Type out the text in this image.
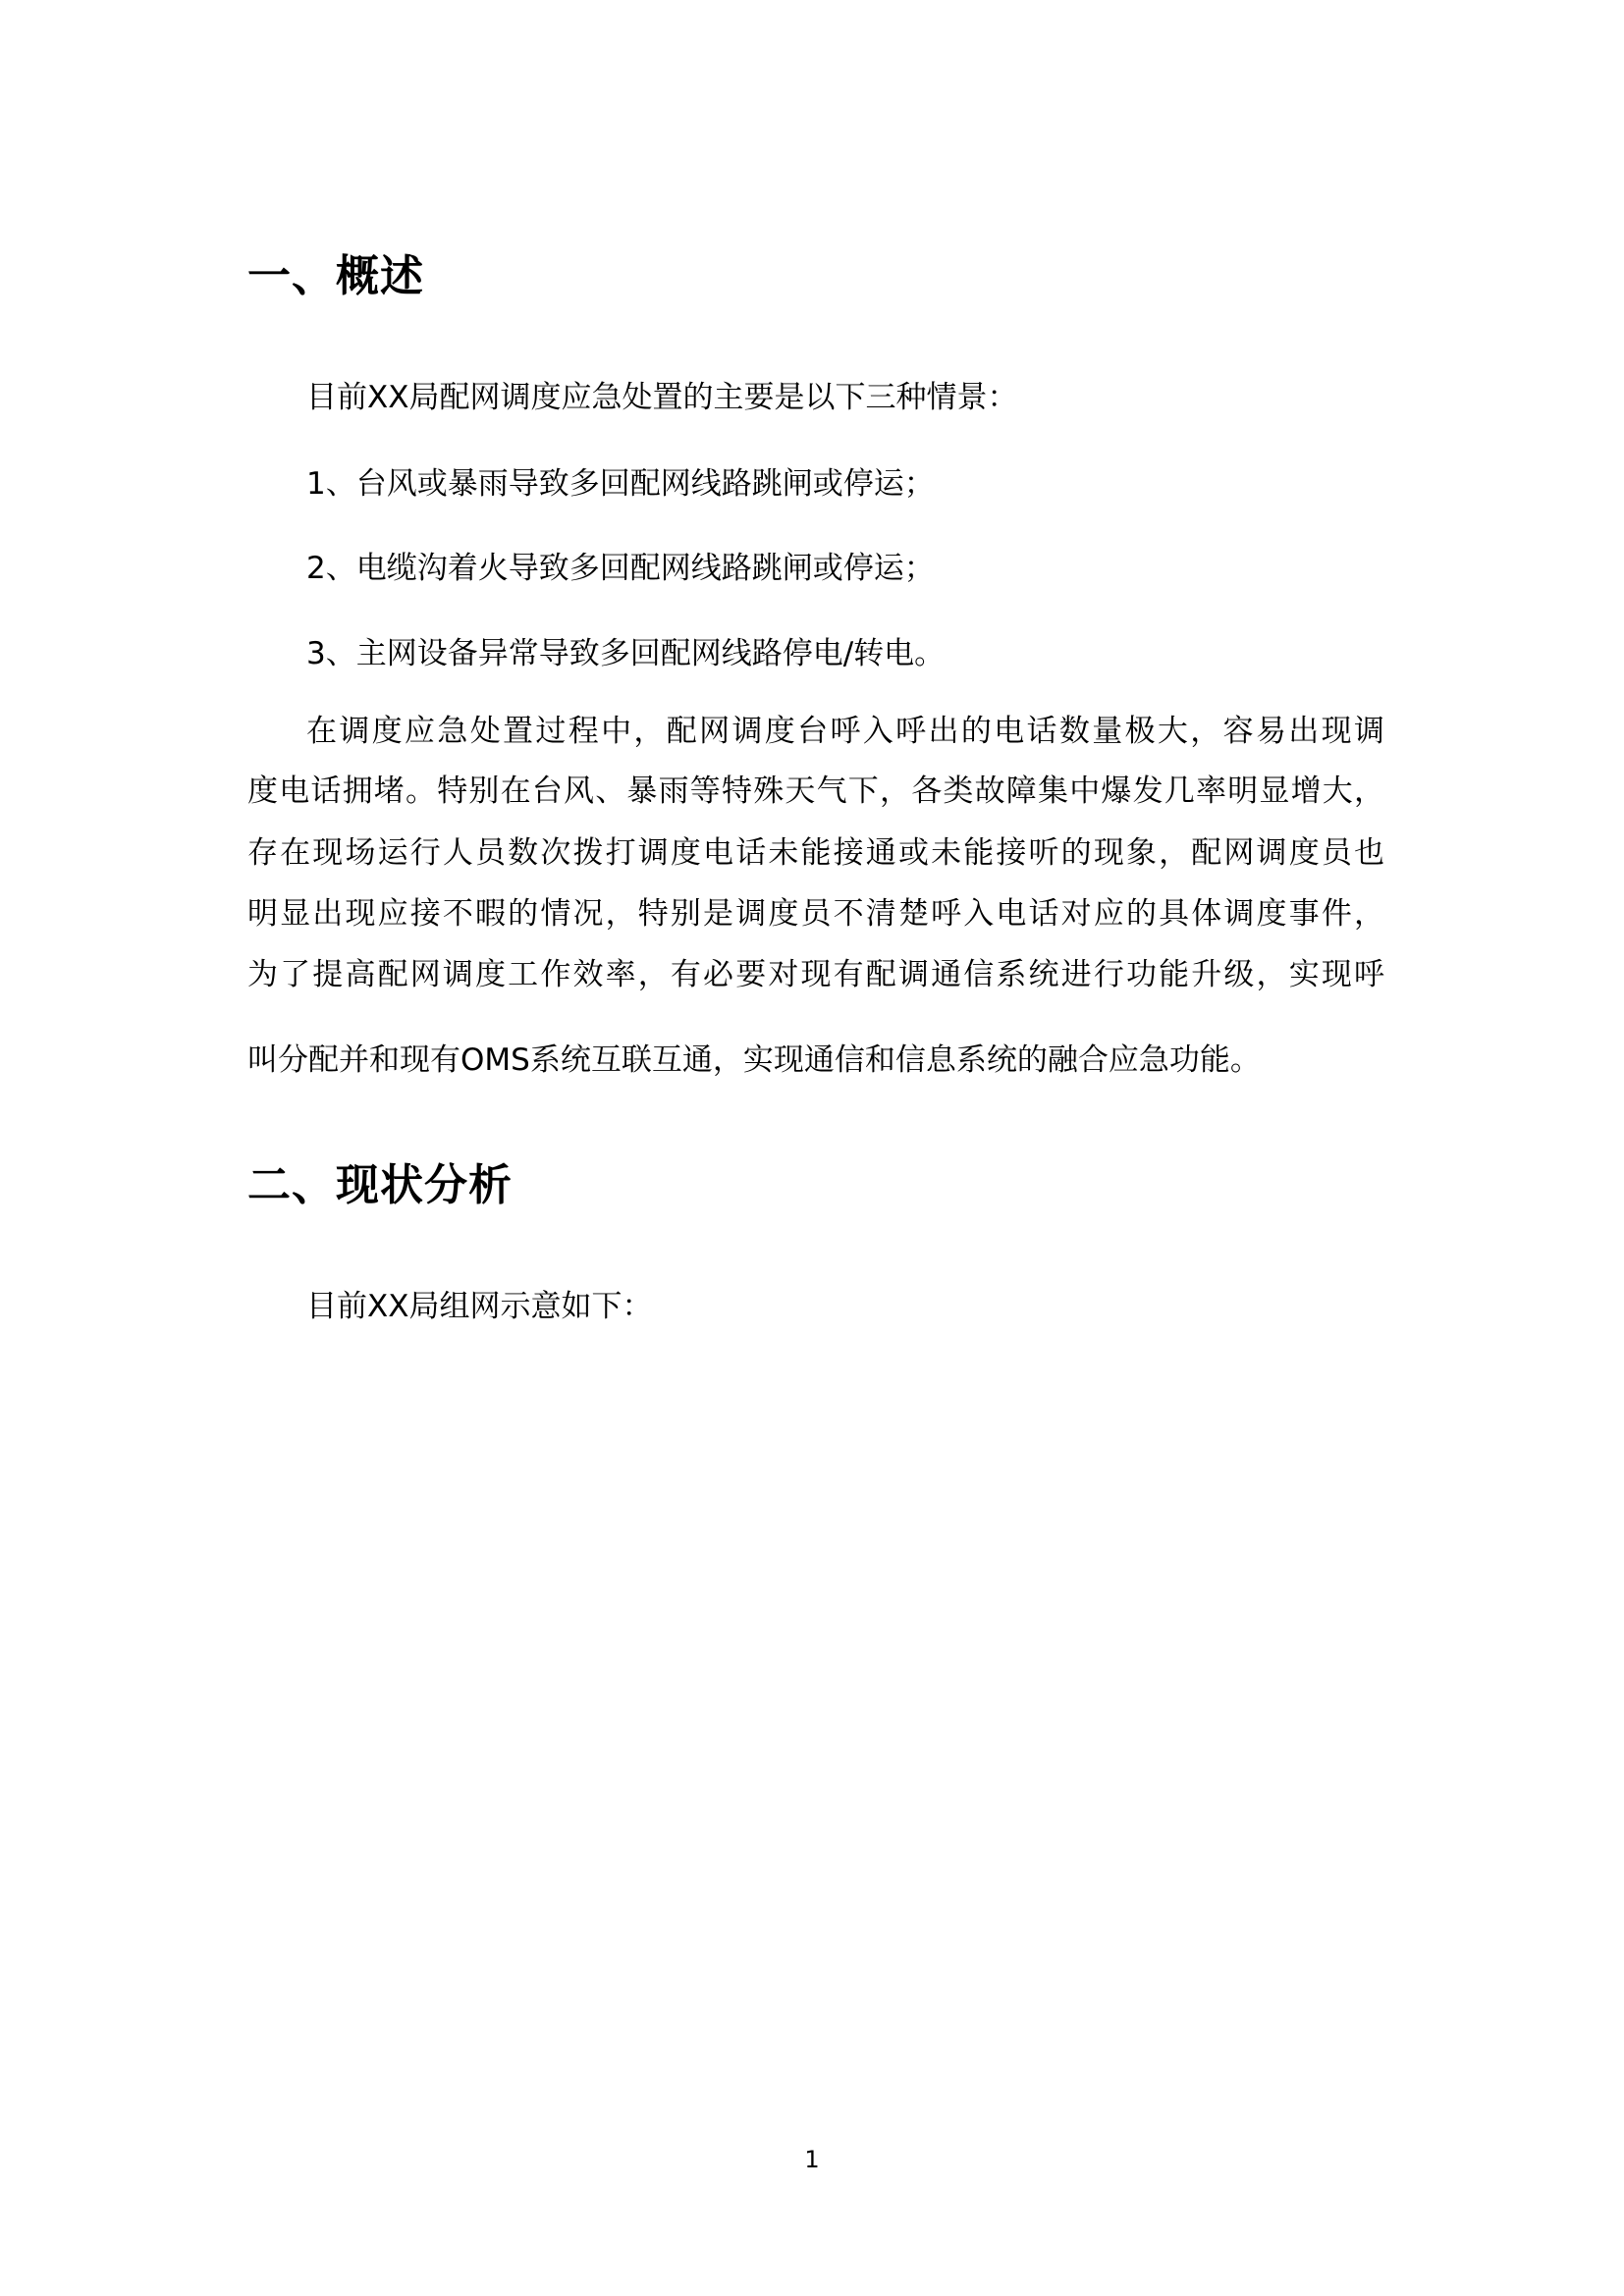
一、概述

目前XX局配网调度应急处置的主要是以下三种情景：

1、台风或暴雨导致多回配网线路跳闸或停运；

2、电缆沟着火导致多回配网线路跳闸或停运；

3、主网设备异常导致多回配网线路停电/转电。

在调度应急处置过程中，配网调度台呼入呼出的电话数量极大，容易出现调

度电话拥堵。特别在台风、暴雨等特殊天气下，各类故障集中爆发几率明显增大，

存在现场运行人员数次拨打调度电话未能接通或未能接听的现象，配网调度员也

明显出现应接不暇的情况，特别是调度员不清楚呼入电话对应的具体调度事件，

为了提高配网调度工作效率，有必要对现有配调通信系统进行功能升级，实现呼

叫分配并和现有OMS系统互联互通，实现通信和信息系统的融合应急功能。

二、现状分析

目前XX局组网示意如下：

1
